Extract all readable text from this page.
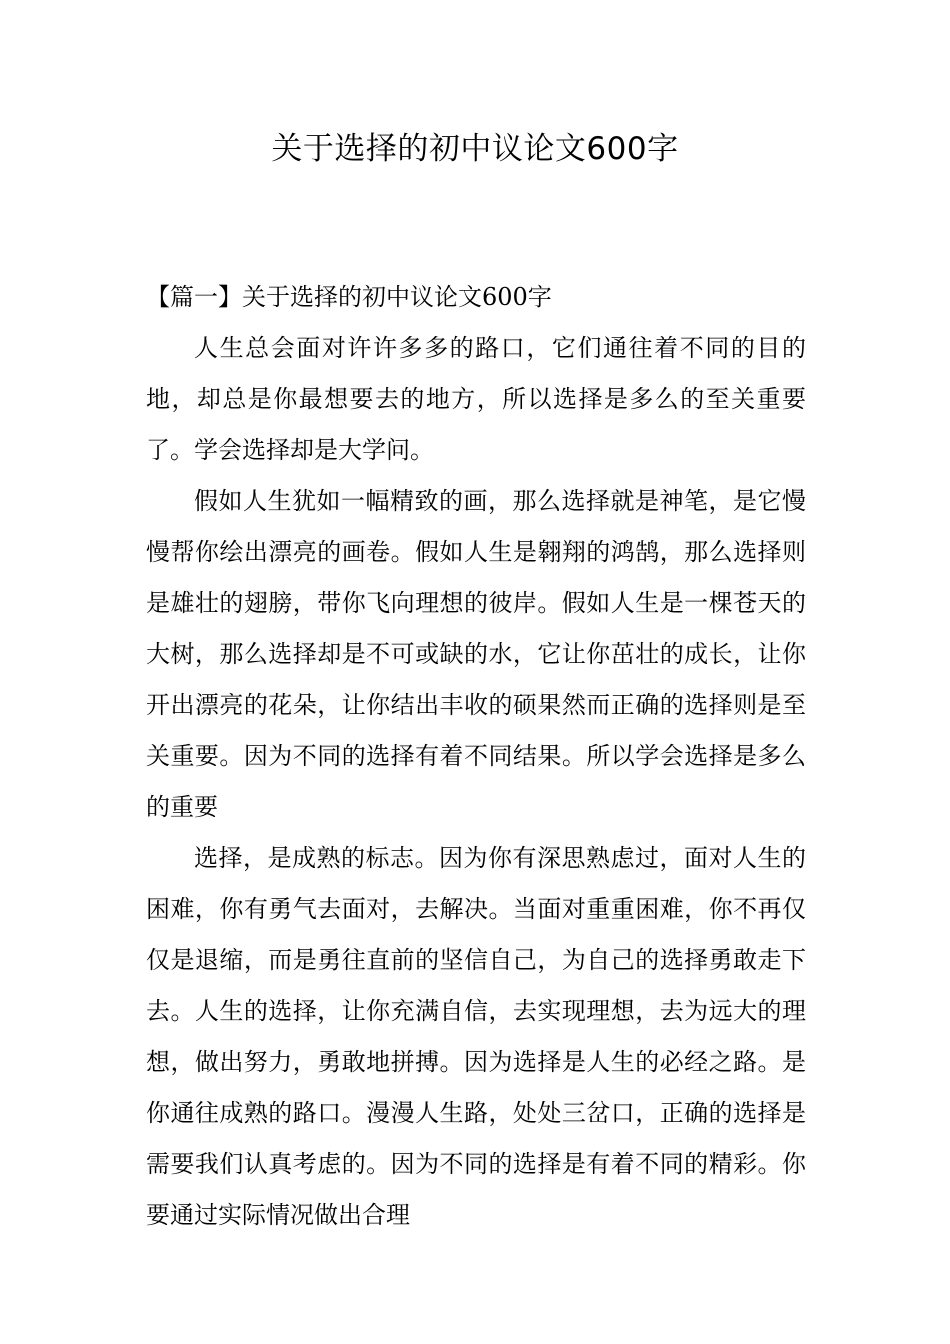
关于选择的初中议论文600字

【篇一】关于选择的初中议论文600字

人生总会面对许许多多的路口，它们通往着不同的目的地，却总是你最想要去的地方，所以选择是多么的至关重要了。学会选择却是大学问。

假如人生犹如一幅精致的画，那么选择就是神笔，是它慢慢帮你绘出漂亮的画卷。假如人生是翱翔的鸿鹄，那么选择则是雄壮的翅膀，带你飞向理想的彼岸。假如人生是一棵苍天的大树，那么选择却是不可或缺的水，它让你茁壮的成长，让你开出漂亮的花朵，让你结出丰收的硕果然而正确的选择则是至关重要。因为不同的选择有着不同结果。所以学会选择是多么的重要

选择，是成熟的标志。因为你有深思熟虑过，面对人生的困难，你有勇气去面对，去解决。当面对重重困难，你不再仅仅是退缩，而是勇往直前的坚信自己，为自己的选择勇敢走下去。人生的选择，让你充满自信，去实现理想，去为远大的理想，做出努力，勇敢地拼搏。因为选择是人生的必经之路。是你通往成熟的路口。漫漫人生路，处处三岔口，正确的选择是需要我们认真考虑的。因为不同的选择是有着不同的精彩。你要通过实际情况做出合理
